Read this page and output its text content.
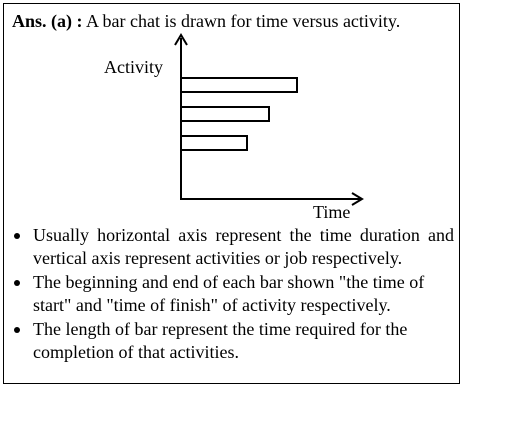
Ans. (a) : A bar chat is drawn for time versus activity.
Activity
Time
Usually horizontal axis represent the time duration and vertical axis represent activities or job respectively.
The beginning and end of each bar shown "the time of start" and "time of finish" of activity respectively.
The length of bar represent the time required for the completion of that activities.
